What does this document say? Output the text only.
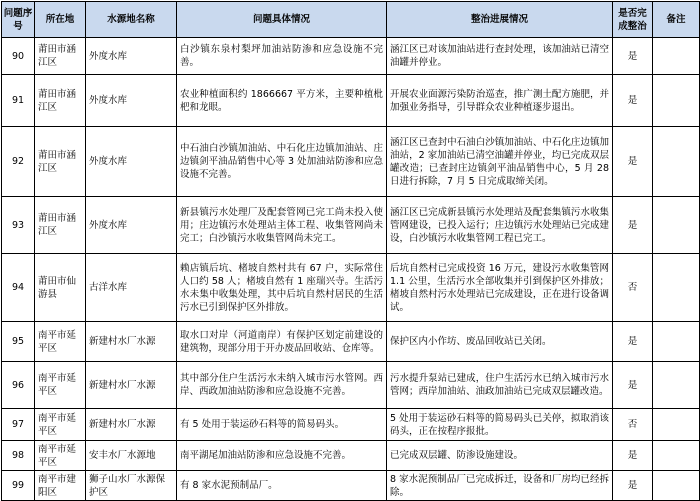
问题序号	所在地	水源地名称	问题具体情况	整治进展情况	是否完成整治	备注
90	莆田市涵江区	外度水库	白沙镇东泉村梨坪加油站防渗和应急设施不完善。	涵江区已对该加油站进行查封处理，该加油站已清空油罐并停业。	是	
91	莆田市涵江区	外度水库	农业种植面积约 1866667 平方米，主要种植枇杷和龙眼。	开展农业面源污染防治巡查，推广测土配方施肥，并加强业务指导，引导群众农业种植逐步退出。	是	
92	莆田市涵江区	外度水库	中石油白沙镇加油站、中石化庄边镇加油站、庄边镇剑平油品销售中心等 3 处加油站防渗和应急设施不完善。	涵江区已查封中石油白沙镇加油站、中石化庄边镇加油站，2 家加油站已清空油罐并停业，均已完成双层罐改造；已查封庄边镇剑平油品销售中心，5 月 28 日进行拆除，7 月 5 日完成取缔关闭。	是	
93	莆田市涵江区	外度水库	新县镇污水处理厂及配套管网已完工尚未投入使用；庄边镇污水处理站主体工程、收集管网尚未完工；白沙镇污水收集管网尚未完工。	涵江区已完成新县镇污水处理站及配套集镇污水收集管网建设，已投入运行；庄边镇污水处理站已完成建设，白沙镇污水收集管网工程已完工。	是	
94	莆田市仙游县	古洋水库	赖店镇后坑、楮坡自然村共有 67 户，实际常住人口约 58 人；楮坡自然有 1 座瑞兴寺。生活污水未集中收集处理，其中后坑自然村居民的生活污水已引到保护区外排放。	后坑自然村已完成投资 16 万元，建设污水收集管网 1.1 公里，生活污水全部收集并引到保护区外排放；楮坡自然村污水处理站已完成建设，正在进行设备调试。	否	
95	南平市延平区	新建村水厂水源	取水口对岸（河道南岸）有保护区划定前建设的建筑物，现部分用于开办废品回收站、仓库等。	保护区内小作坊、废品回收站已关闭。	是	
96	南平市延平区	新建村水厂水源	其中部分住户生活污水未纳入城市污水管网。西岸、西政加油站防渗和应急设施不完善。	污水提升泵站已建成，住户生活污水已纳入城市污水管网；西岸加油站、油政加油站已完成双层罐改造。	是	
97	南平市延平区	新建村水厂水源	有 5 处用于装运砂石料等的简易码头。	5 处用于装运砂石料等的简易码头已关停，拟取消该码头，正在按程序报批。	否	
98	南平市延平区	安丰水厂水源地	南平湖尾加油站防渗和应急设施不完善。	已完成双层罐、防渗设施建设。	是	
99	南平市建阳区	狮子山水厂水源保护区	有 8 家水泥预制品厂。	8 家水泥预制品厂已完成拆迁，设备和厂房均已经拆除。	是	
